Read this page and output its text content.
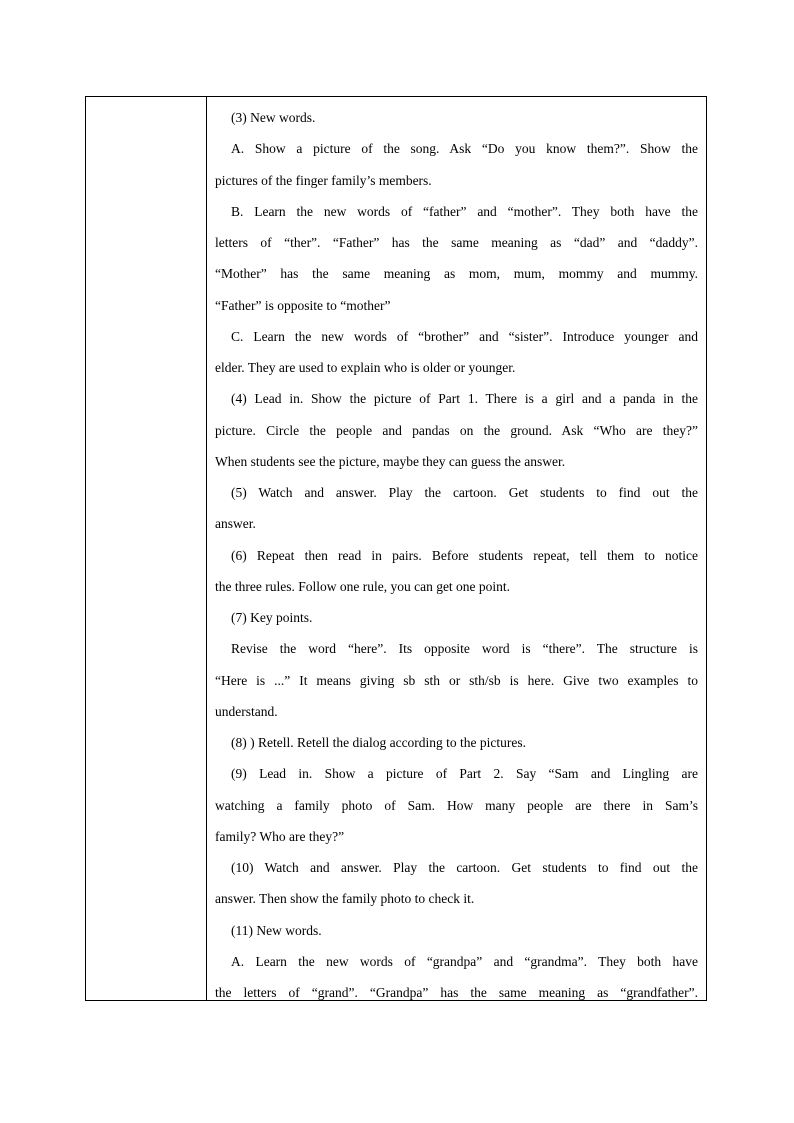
(3) New words.
A. Show a picture of the song. Ask “Do you know them?”. Show the
pictures of the finger family’s members.
B. Learn the new words of “father” and “mother”. They both have the
letters of “ther”. “Father” has the same meaning as “dad” and “daddy”.
“Mother” has the same meaning as mom, mum, mommy and mummy.
“Father” is opposite to “mother”
C. Learn the new words of “brother” and “sister”. Introduce younger and
elder. They are used to explain who is older or younger.
(4) Lead in. Show the picture of Part 1. There is a girl and a panda in the
picture. Circle the people and pandas on the ground. Ask “Who are they?”
When students see the picture, maybe they can guess the answer.
(5) Watch and answer. Play the cartoon. Get students to find out the
answer.
(6) Repeat then read in pairs. Before students repeat, tell them to notice
the three rules. Follow one rule, you can get one point.
(7) Key points.
Revise the word “here”. Its opposite word is “there”. The structure is
“Here is ...” It means giving sb sth or sth/sb is here. Give two examples to
understand.
(8) ) Retell. Retell the dialog according to the pictures.
(9) Lead in. Show a picture of Part 2. Say “Sam and Lingling are
watching a family photo of Sam. How many people are there in Sam’s
family? Who are they?”
(10) Watch and answer. Play the cartoon. Get students to find out the
answer. Then show the family photo to check it.
(11) New words.
A. Learn the new words of “grandpa” and “grandma”. They both have
the letters of “grand”. “Grandpa” has the same meaning as “grandfather”.
